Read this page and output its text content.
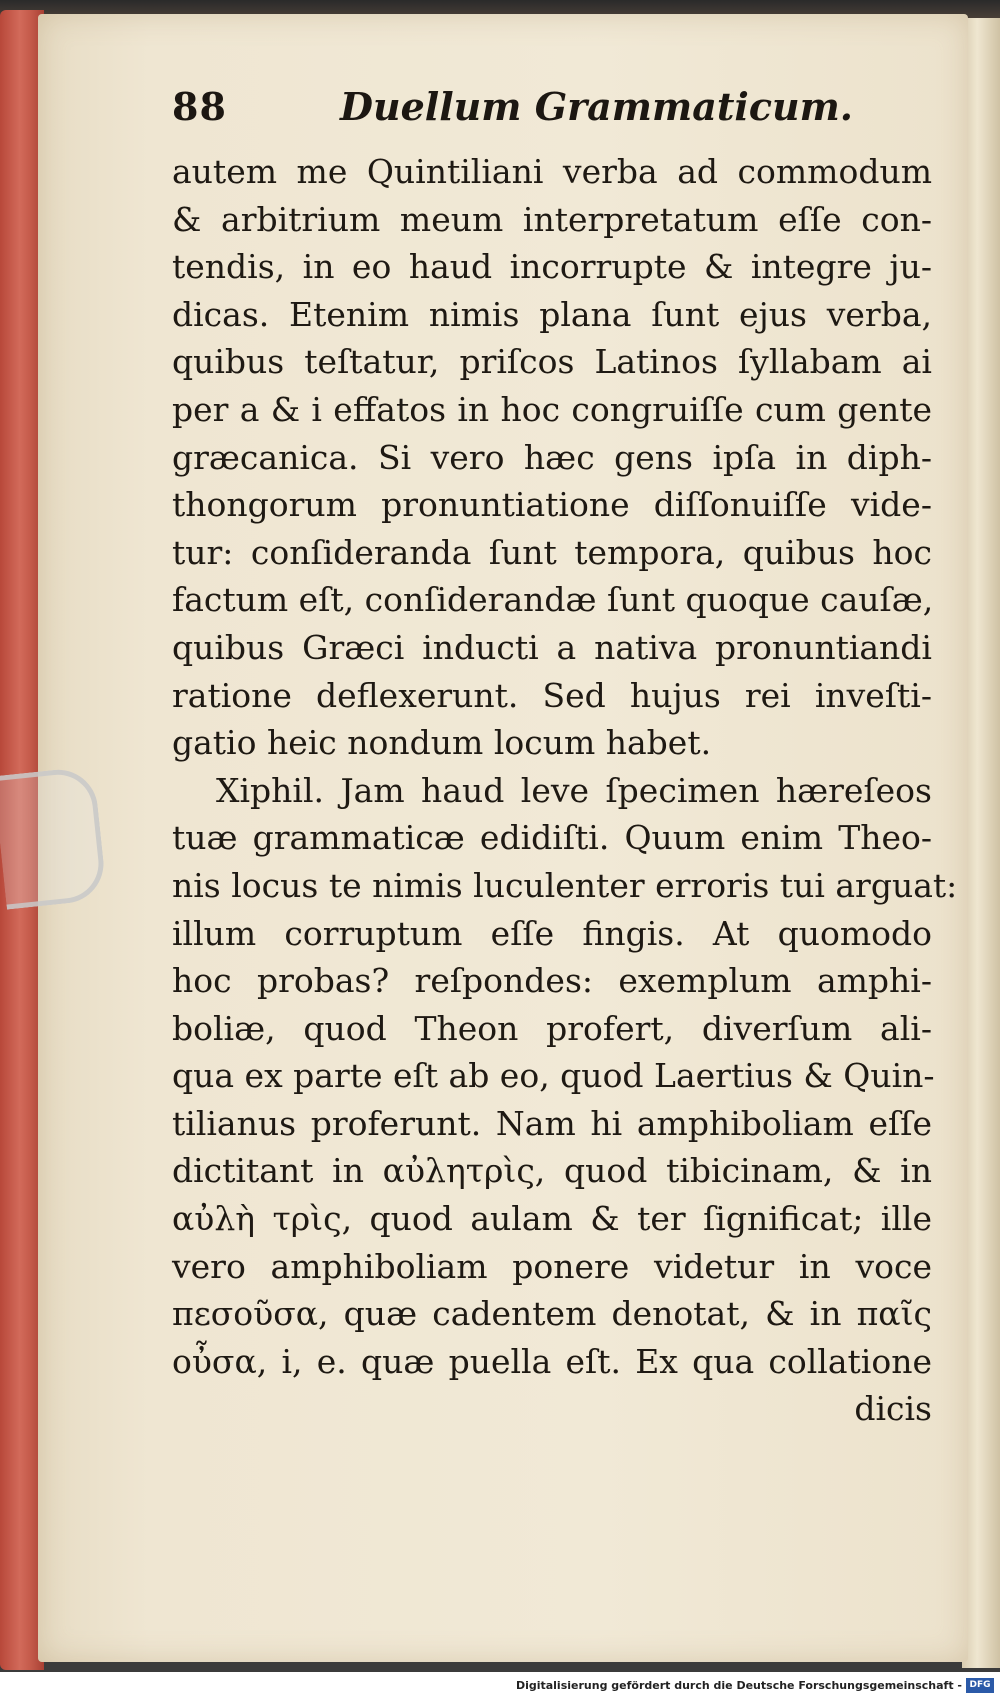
88	Duellum Grammaticum.
autem me Quintiliani verba ad commodum
& arbitrium meum interpretatum eſſe con-
tendis, in eo haud incorrupte & integre ju-
dicas. Etenim nimis plana ſunt ejus verba,
quibus teſtatur, priſcos Latinos ſyllabam ai
per a & i effatos in hoc congruiſſe cum gente
græcanica. Si vero hæc gens ipſa in diph-
thongorum pronuntiatione diſſonuiſſe vide-
tur: conſideranda ſunt tempora, quibus hoc
factum eſt, conſiderandæ ſunt quoque cauſæ,
quibus Græci inducti a nativa pronuntiandi
ratione deflexerunt. Sed hujus rei inveſti-
gatio heic nondum locum habet.
Xiphil. Jam haud leve ſpecimen hæreſeos
tuæ grammaticæ edidiſti. Quum enim Theo-
nis locus te nimis luculenter erroris tui arguat:
illum corruptum eſſe fingis. At quomodo
hoc probas? reſpondes: exemplum amphi-
boliæ, quod Theon profert, diverſum ali-
qua ex parte eſt ab eo, quod Laertius & Quin-
tilianus proferunt. Nam hi amphiboliam eſſe
dictitant in αὐλητρὶς, quod tibicinam, & in
αὐλὴ τρὶς, quod aulam & ter ſignificat; ille
vero amphiboliam ponere videtur in voce
πεσοῦσα, quæ cadentem denotat, & in παῖς
οὖσα, i, e. quæ puella eſt. Ex qua collatione
dicis
Digitalisierung gefördert durch die Deutsche Forschungsgemeinschaft - DFG
